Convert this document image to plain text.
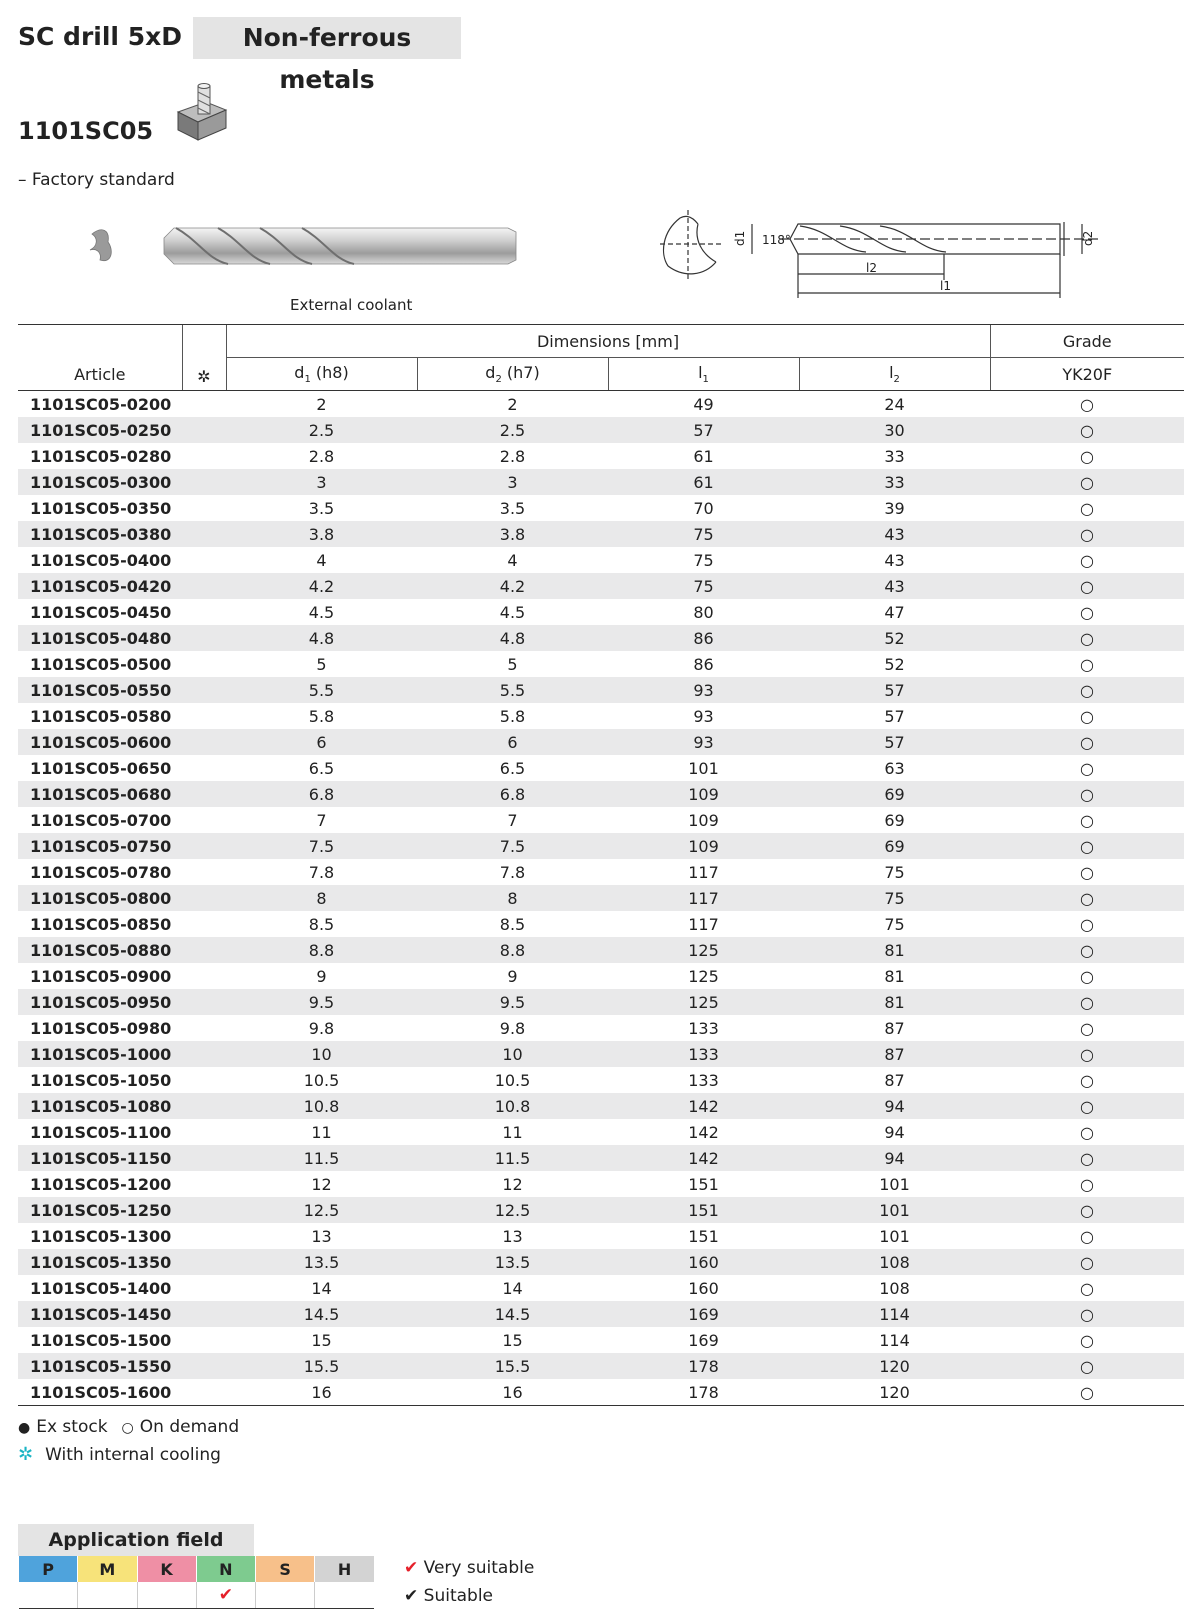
SC drill 5xD	Non-ferrous metals
1101SC05
– Factory standard
External coolant
118°
d1	d2
l2
l1
Article	✲	Dimensions [mm]				Grade
		$d_1$ (h8)	$d_2$ (h7)	$l_1$	$l_2$	YK20F
1101SC05-0200		2	2	49	24	○
1101SC05-0250		2.5	2.5	57	30	○
1101SC05-0280		2.8	2.8	61	33	○
1101SC05-0300		3	3	61	33	○
1101SC05-0350		3.5	3.5	70	39	○
1101SC05-0380		3.8	3.8	75	43	○
1101SC05-0400		4	4	75	43	○
1101SC05-0420		4.2	4.2	75	43	○
1101SC05-0450		4.5	4.5	80	47	○
1101SC05-0480		4.8	4.8	86	52	○
1101SC05-0500		5	5	86	52	○
1101SC05-0550		5.5	5.5	93	57	○
1101SC05-0580		5.8	5.8	93	57	○
1101SC05-0600		6	6	93	57	○
1101SC05-0650		6.5	6.5	101	63	○
1101SC05-0680		6.8	6.8	109	69	○
1101SC05-0700		7	7	109	69	○
1101SC05-0750		7.5	7.5	109	69	○
1101SC05-0780		7.8	7.8	117	75	○
1101SC05-0800		8	8	117	75	○
1101SC05-0850		8.5	8.5	117	75	○
1101SC05-0880		8.8	8.8	125	81	○
1101SC05-0900		9	9	125	81	○
1101SC05-0950		9.5	9.5	125	81	○
1101SC05-0980		9.8	9.8	133	87	○
1101SC05-1000		10	10	133	87	○
1101SC05-1050		10.5	10.5	133	87	○
1101SC05-1080		10.8	10.8	142	94	○
1101SC05-1100		11	11	142	94	○
1101SC05-1150		11.5	11.5	142	94	○
1101SC05-1200		12	12	151	101	○
1101SC05-1250		12.5	12.5	151	101	○
1101SC05-1300		13	13	151	101	○
1101SC05-1350		13.5	13.5	160	108	○
1101SC05-1400		14	14	160	108	○
1101SC05-1450		14.5	14.5	169	114	○
1101SC05-1500		15	15	169	114	○
1101SC05-1550		15.5	15.5	178	120	○
1101SC05-1600		16	16	178	120	○
● Ex stock ○ On demand
✲ With internal cooling
Application field
P	M	K	N	S	H
			✔		
✔ Very suitable
✔ Suitable
